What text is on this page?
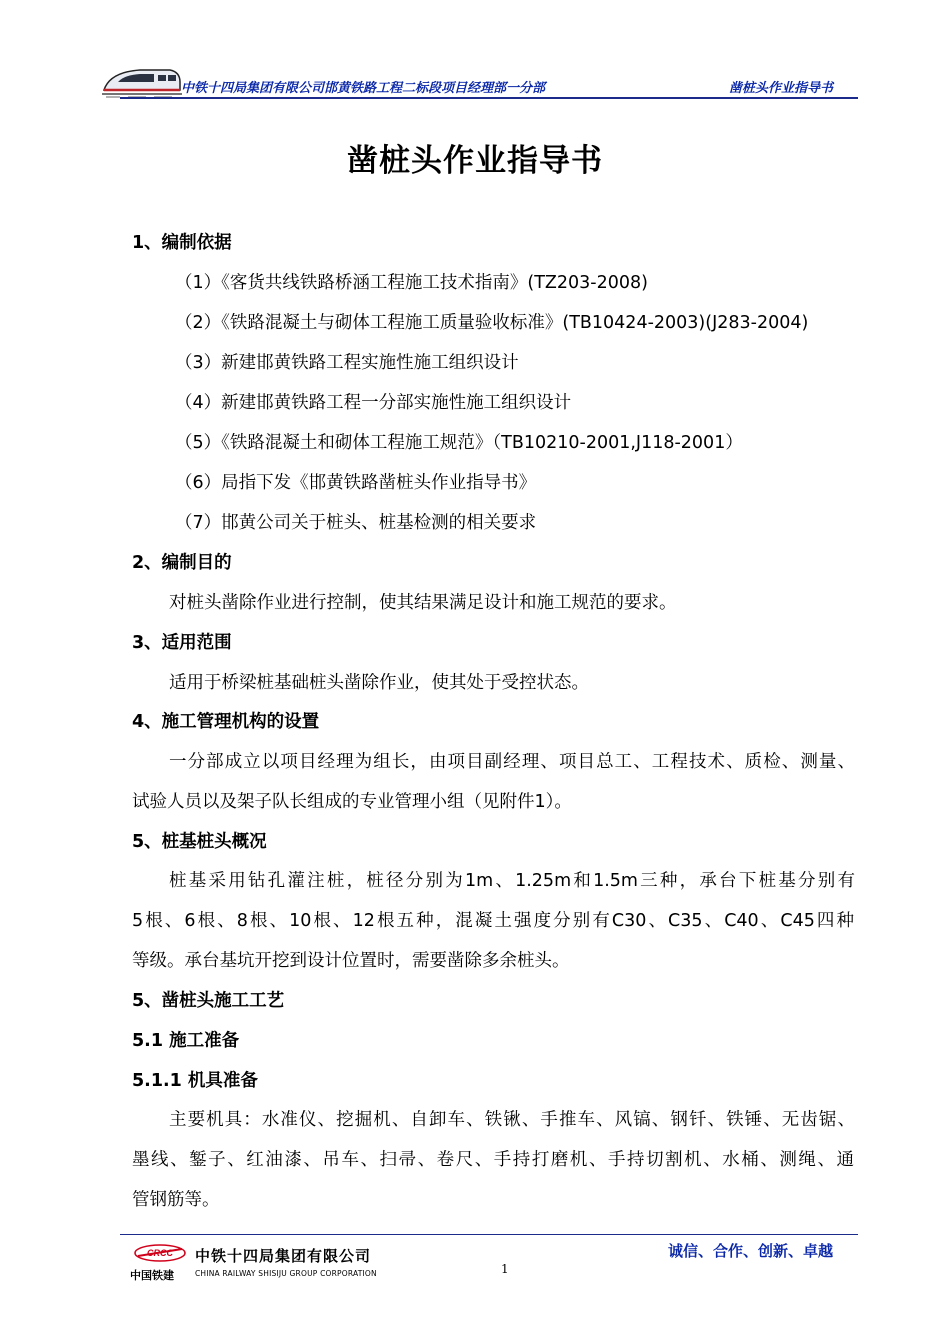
中铁十四局集团有限公司邯黄铁路工程二标段项目经理部一分部	凿桩头作业指导书
凿桩头作业指导书
1、编制依据
（1）《客货共线铁路桥涵工程施工技术指南》(TZ203-2008)
（2）《铁路混凝土与砌体工程施工质量验收标准》(TB10424-2003)(J283-2004)
（3）新建邯黄铁路工程实施性施工组织设计
（4）新建邯黄铁路工程一分部实施性施工组织设计
（5）《铁路混凝土和砌体工程施工规范》（TB10210-2001,J118-2001）
（6）局指下发《邯黄铁路凿桩头作业指导书》
（7）邯黄公司关于桩头、桩基检测的相关要求
2、编制目的
对桩头凿除作业进行控制，使其结果满足设计和施工规范的要求。
3、适用范围
适用于桥梁桩基础桩头凿除作业，使其处于受控状态。
4、施工管理机构的设置
一分部成立以项目经理为组长，由项目副经理、项目总工、工程技术、质检、测量、
试验人员以及架子队长组成的专业管理小组（见附件1）。
5、桩基桩头概况
桩基采用钻孔灌注桩，桩径分别为1m、1.25m和1.5m三种，承台下桩基分别有
5根、6根、8根、10根、12根五种，混凝土强度分别有C30、C35、C40、C45四种
等级。承台基坑开挖到设计位置时，需要凿除多余桩头。
5、凿桩头施工工艺
5.1 施工准备
5.1.1 机具准备
主要机具：水准仪、挖掘机、自卸车、铁锹、手推车、风镐、钢钎、铁锤、无齿锯、
墨线、錾子、红油漆、吊车、扫帚、卷尺、手持打磨机、手持切割机、水桶、测绳、通
管钢筋等。
CRCC
中国铁建
中铁十四局集团有限公司
CHINA RAILWAY SHISIJU GROUP CORPORATION
诚信、合作、创新、卓越
1
